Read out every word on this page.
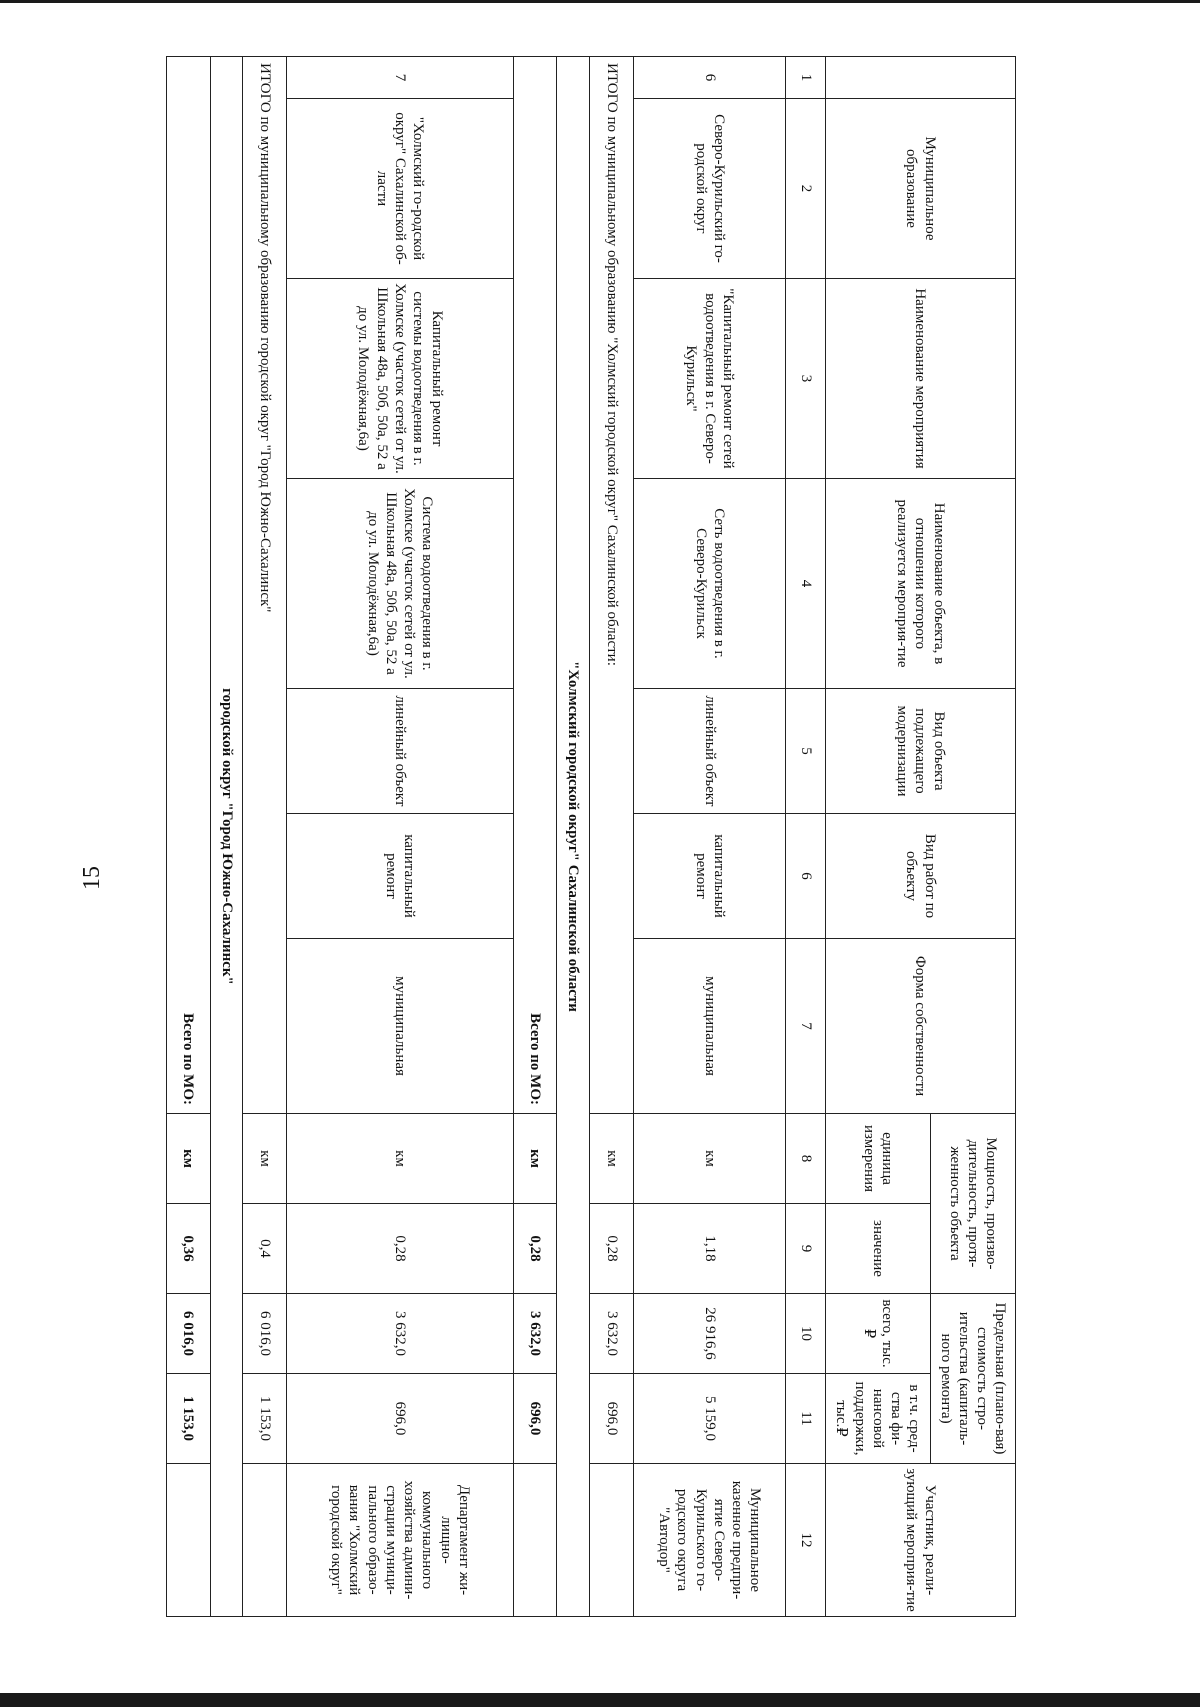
15
	Муниципальное образование	Наименование мероприятия	Наименование объекта, в отношении которого реализуется мероприя-тие	Вид объекта подлежащего модернизации	Вид работ по объекту	Форма собственности	Мощность, произво-дительность, протя-женность объекта		Предельная (плано-вая) стоимость стро-ительства (капиталь-ного ремонта)		Участник, реали-зующий мероприя-тие
							единица измерения	значение	всего, тыс.₽	в т.ч. сред-ства фи-нансовой поддержки, тыс.₽	
1	2	3	4	5	6	7	8	9	10	11	12
6	Северо-Курильский го-родской округ	"Капитальный ремонт сетей водоотведения в г. Северо-Курильск"	Сеть водоотведения в г. Северо-Курильск	линейный объект	капитальный ремонт	муниципальная	км	1,18	26 916,6	5 159,0	Муниципальное казенное предпри-ятие Северо-Курильского го-родского округа "Автодор"
ИТОГО по муниципальному образованию "Холмский городской округ" Сахалинской области:							км	0,28	3 632,0	696,0	
"Холмский городской округ" Сахалинской области											
Всего по МО:							км	0,28	3 632,0	696,0	
7	"Холмский го-родской округ" Сахалинской об-ласти	Капитальный ремонт системы водоотведения в г. Холмске (участок сетей от ул. Школьная 48а, 50б, 50а, 52 а до ул. Молодёжная,6а)	Система водоотведения в г. Холмске (участок сетей от ул. Школьная 48а, 50б, 50а, 52 а до ул. Молодёжная,6а)	линейный объект	капитальный ремонт	муниципальная	км	0,28	3 632,0	696,0	Департамент жи-лищно-коммунального хозяйства админи-страции муници-пального образо-вания "Холмский городской округ"
ИТОГО по муниципальному образованию городской округ "Город Южно-Сахалинск"							км	0,4	6 016,0	1 153,0	
городской округ "Город Южно-Сахалинск"											
Всего по МО:							км	0,36	6 016,0	1 153,0	
